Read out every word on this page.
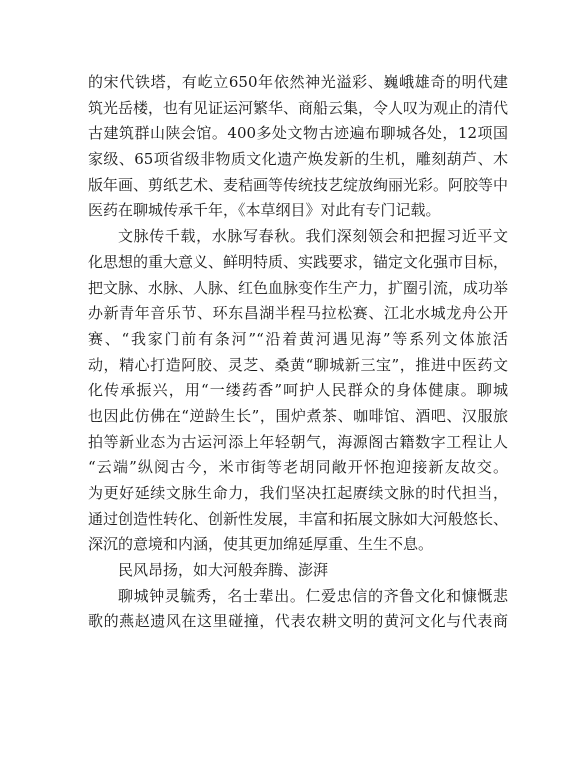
的宋代铁塔，有屹立650年依然神光溢彩、巍峨雄奇的明代建
筑光岳楼，也有见证运河繁华、商船云集，令人叹为观止的清代
古建筑群山陕会馆。400多处文物古迹遍布聊城各处，12项国
家级、65项省级非物质文化遗产焕发新的生机，雕刻葫芦、木
版年画、剪纸艺术、麦秸画等传统技艺绽放绚丽光彩。阿胶等中
医药在聊城传承千年，《本草纲目》对此有专门记载。
文脉传千载，水脉写春秋。我们深刻领会和把握习近平文
化思想的重大意义、鲜明特质、实践要求，锚定文化强市目标，
把文脉、水脉、人脉、红色血脉变作生产力，扩圈引流，成功举
办新青年音乐节、环东昌湖半程马拉松赛、江北水城龙舟公开
赛、“我家门前有条河”“沿着黄河遇见海”等系列文体旅活
动，精心打造阿胶、灵芝、桑黄“聊城新三宝”，推进中医药文
化传承振兴，用“一缕药香”呵护人民群众的身体健康。聊城
也因此仿佛在“逆龄生长”，围炉煮茶、咖啡馆、酒吧、汉服旅
拍等新业态为古运河添上年轻朝气，海源阁古籍数字工程让人
“云端”纵阅古今，米市街等老胡同敞开怀抱迎接新友故交。
为更好延续文脉生命力，我们坚决扛起赓续文脉的时代担当，
通过创造性转化、创新性发展，丰富和拓展文脉如大河般悠长、
深沉的意境和内涵，使其更加绵延厚重、生生不息。
民风昂扬，如大河般奔腾、澎湃
聊城钟灵毓秀，名士辈出。仁爱忠信的齐鲁文化和慷慨悲
歌的燕赵遗风在这里碰撞，代表农耕文明的黄河文化与代表商
